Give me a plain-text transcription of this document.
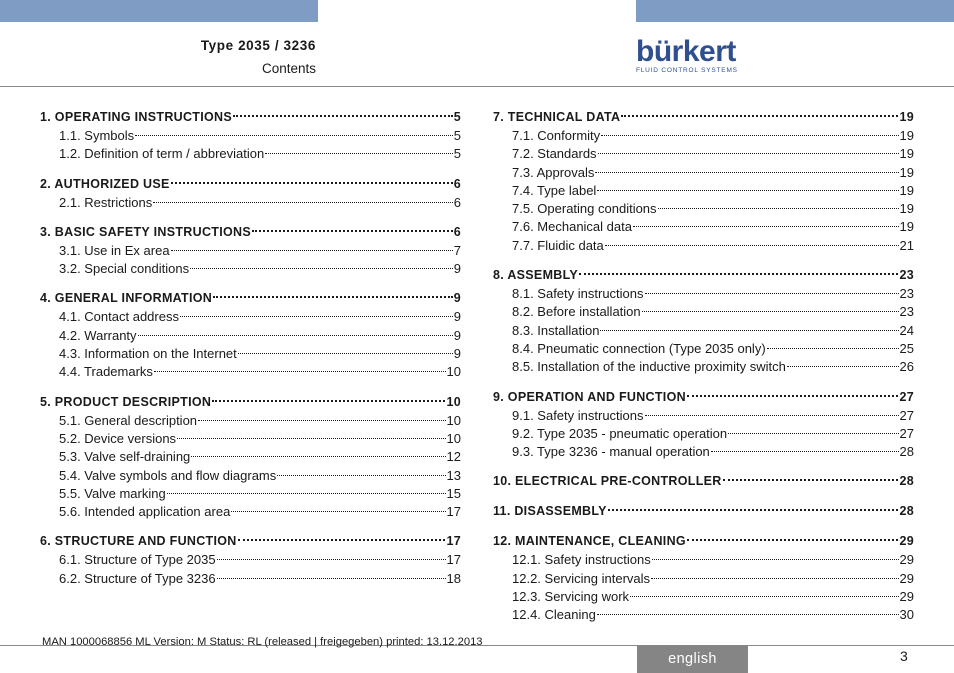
Type 2035 / 3236
Contents
bürkert
FLUID CONTROL SYSTEMS
1. OPERATING INSTRUCTIONS	5
1.1. Symbols	5
1.2. Definition of term / abbreviation	5
2. AUTHORIZED USE	6
2.1. Restrictions	6
3. BASIC SAFETY INSTRUCTIONS	6
3.1. Use in Ex area	7
3.2. Special conditions	9
4. GENERAL INFORMATION	9
4.1. Contact address	9
4.2. Warranty	9
4.3. Information on the Internet	9
4.4. Trademarks	10
5. PRODUCT DESCRIPTION	10
5.1. General description	10
5.2. Device versions	10
5.3. Valve self-draining	12
5.4. Valve symbols and flow diagrams	13
5.5. Valve marking	15
5.6. Intended application area	17
6. STRUCTURE AND FUNCTION	17
6.1. Structure of Type 2035	17
6.2. Structure of Type 3236	18
7. TECHNICAL DATA	19
7.1. Conformity	19
7.2. Standards	19
7.3. Approvals	19
7.4. Type label	19
7.5. Operating conditions	19
7.6. Mechanical data	19
7.7. Fluidic data	21
8. ASSEMBLY	23
8.1. Safety instructions	23
8.2. Before installation	23
8.3. Installation	24
8.4. Pneumatic connection (Type 2035 only)	25
8.5. Installation of the inductive proximity switch	26
9. OPERATION AND FUNCTION	27
9.1. Safety instructions	27
9.2. Type 2035 - pneumatic operation	27
9.3. Type 3236 - manual operation	28
10. ELECTRICAL PRE-CONTROLLER	28
11. DISASSEMBLY	28
12. MAINTENANCE, CLEANING	29
12.1. Safety instructions	29
12.2. Servicing intervals	29
12.3. Servicing work	29
12.4. Cleaning	30
MAN 1000068856 ML Version: M Status: RL (released | freigegeben) printed: 13.12.2013
english	3
